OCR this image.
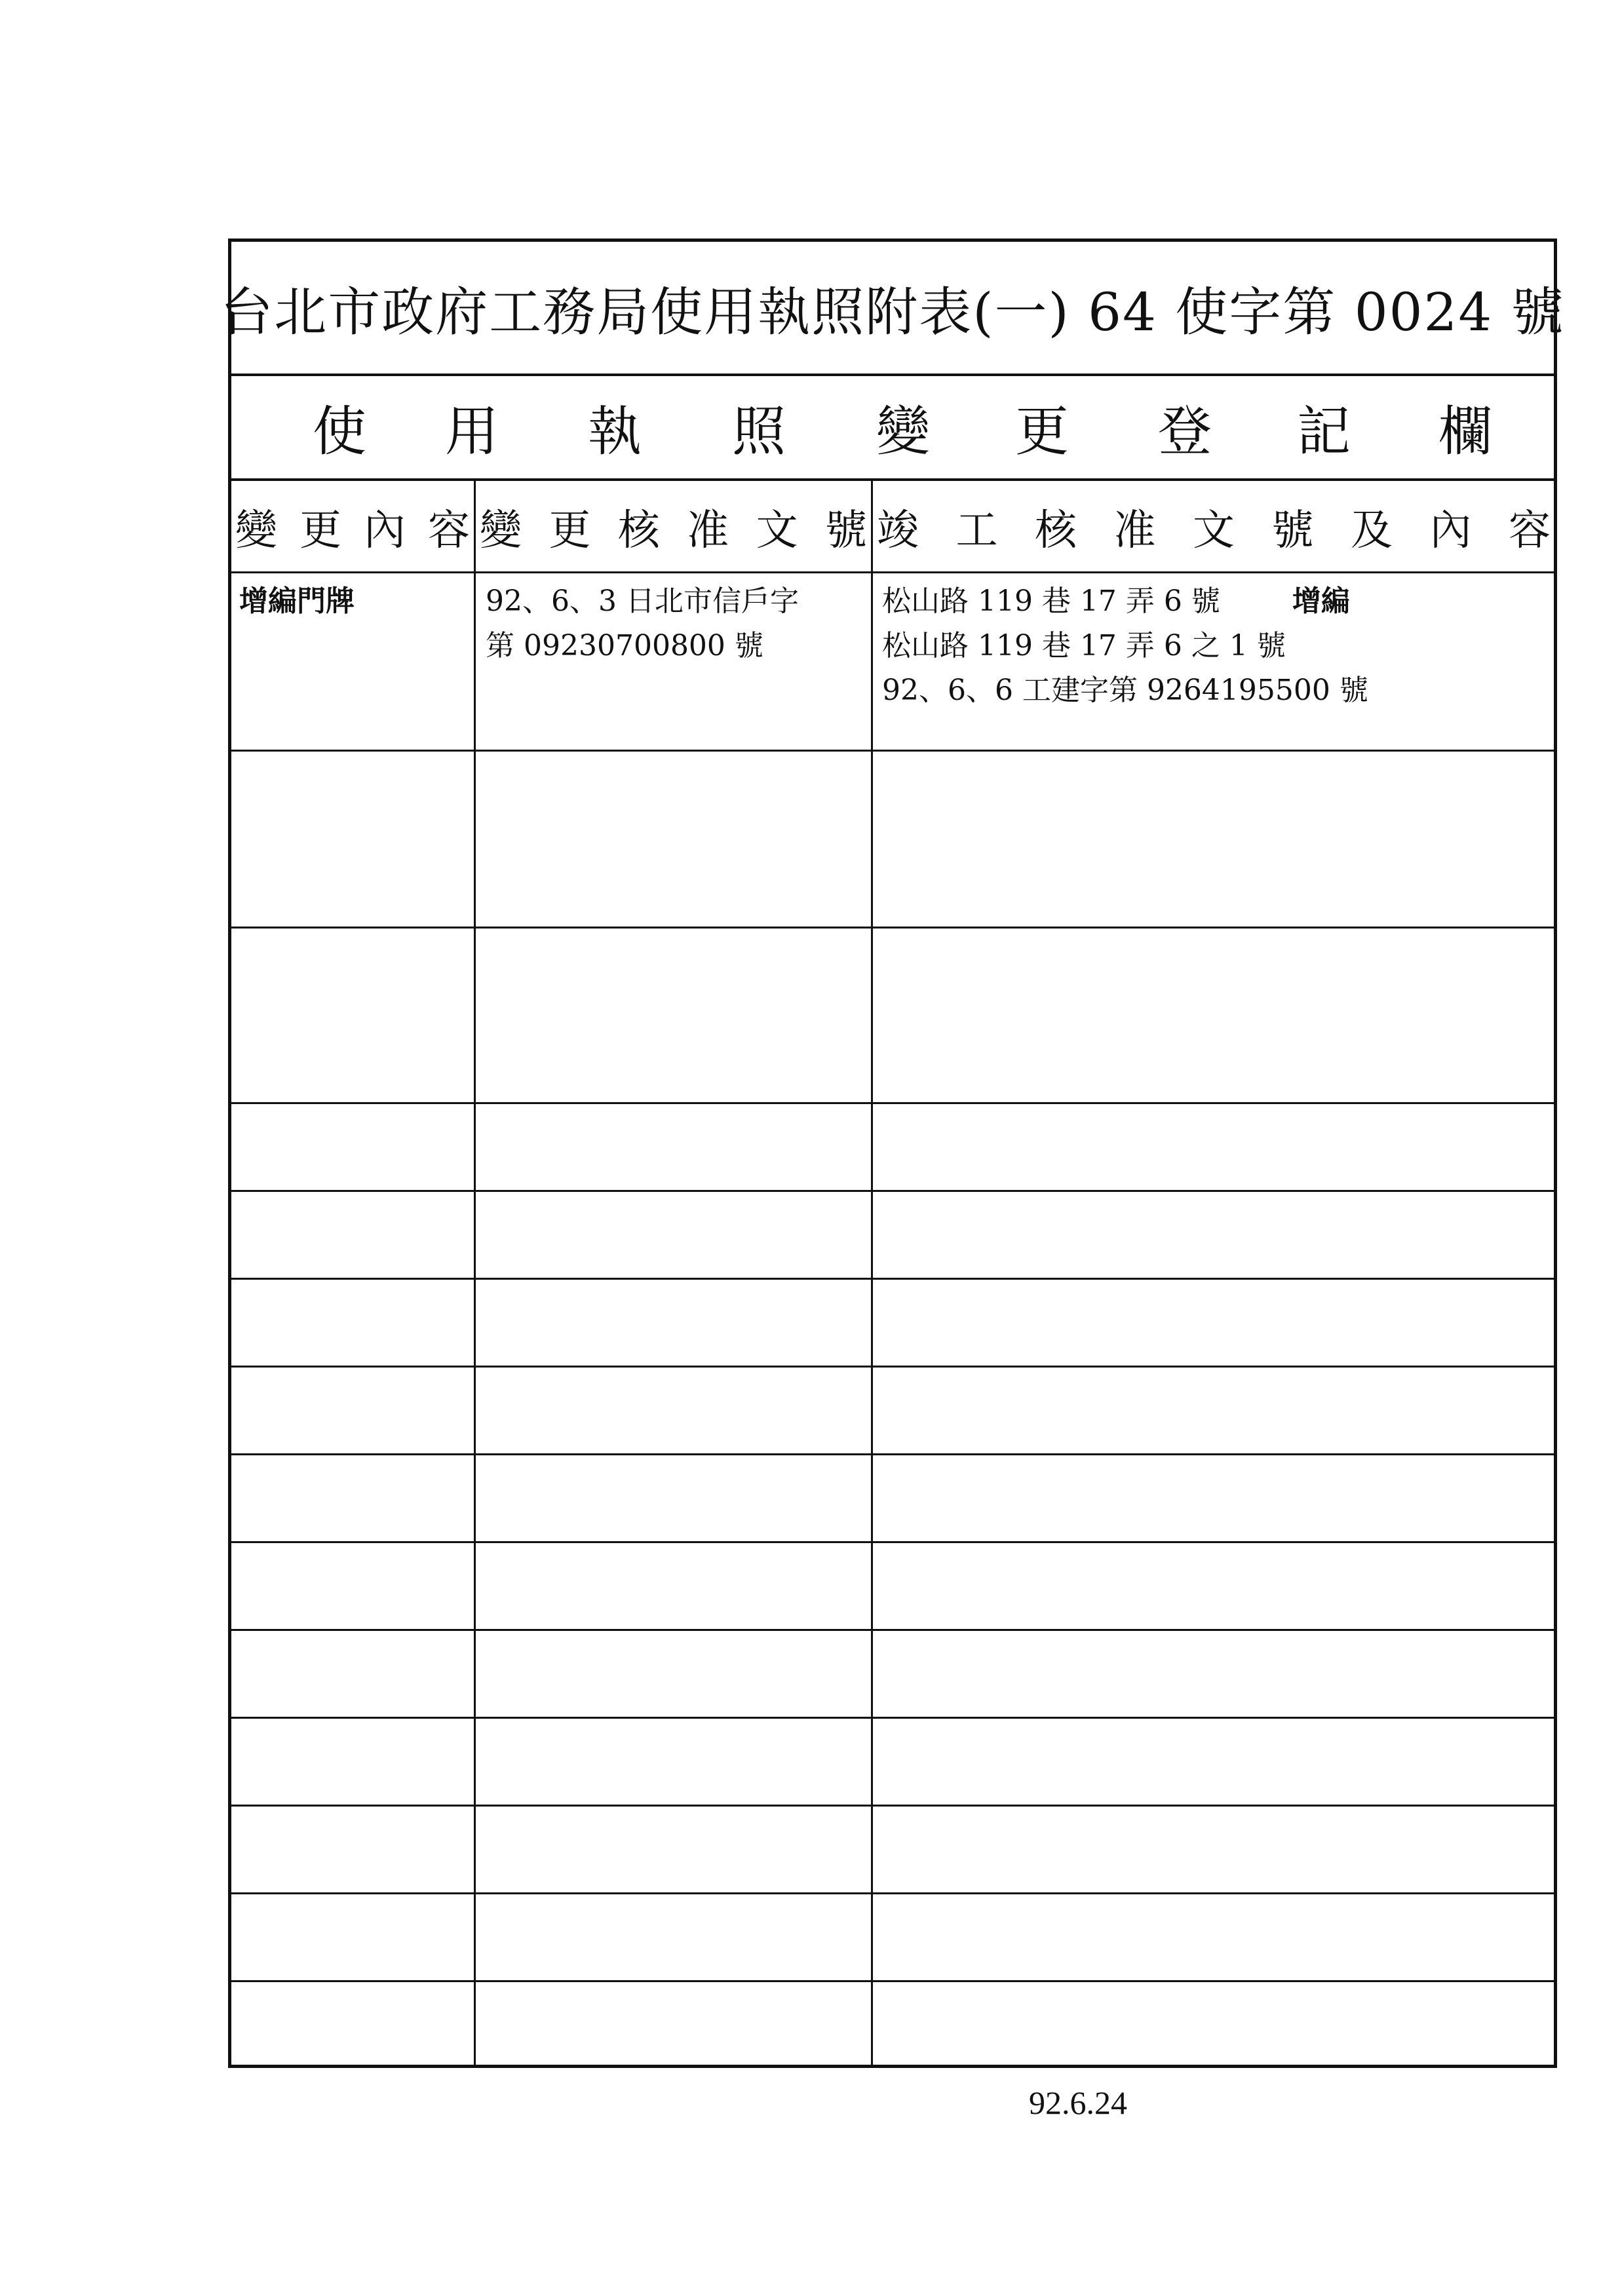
台北市政府工務局使用執照附表(一) 64 使字第 0024 號
使 用 執 照 變 更 登 記 欄
變 更 內 容 變 更 核 准 文 號 竣 工 核 准 文 號 及 內 容
增編門牌	92、6、3 日北市信戶字
第 09230700800 號
松山路 119 巷 17 弄 6 號	增編
松山路 119 巷 17 弄 6 之 1 號
92、6、6 工建字第 9264195500 號
92.6.24
